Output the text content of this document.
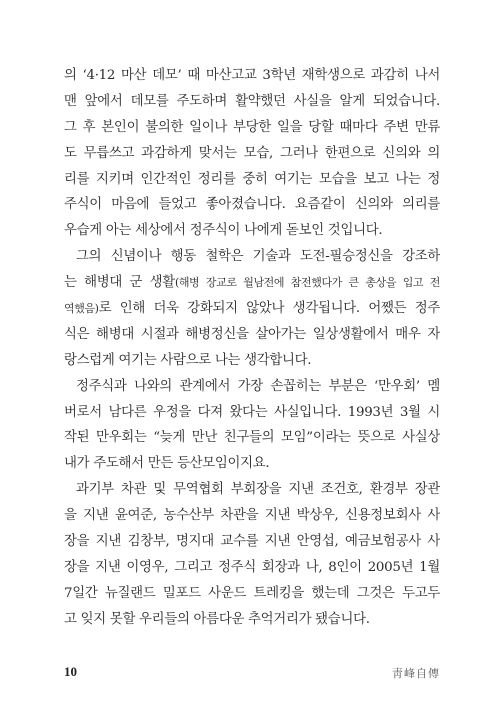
의 ‘4·12 마산 데모’ 때 마산고교 3학년 재학생으로 과감히 나서
맨 앞에서 데모를 주도하며 활약했던 사실을 알게 되었습니다.
그 후 본인이 불의한 일이나 부당한 일을 당할 때마다 주변 만류
도 무릅쓰고 과감하게 맞서는 모습, 그러나 한편으로 신의와 의
리를 지키며 인간적인 정리를 중히 여기는 모습을 보고 나는 정
주식이 마음에 들었고 좋아졌습니다. 요즘같이 신의와 의리를
우습게 아는 세상에서 정주식이 나에게 돋보인 것입니다.
그의 신념이나 행동 철학은 기술과 도전-필승정신을 강조하
는 해병대 군 생활(해병 장교로 월남전에 참전했다가 큰 총상을 입고 전
역했음)로 인해 더욱 강화되지 않았나 생각됩니다. 어쨌든 정주
식은 해병대 시절과 해병정신을 살아가는 일상생활에서 매우 자
랑스럽게 여기는 사람으로 나는 생각합니다.
정주식과 나와의 관계에서 가장 손꼽히는 부분은 ‘만우회’ 멤
버로서 남다른 우정을 다져 왔다는 사실입니다. 1993년 3월 시
작된 만우회는 “늦게 만난 친구들의 모임”이라는 뜻으로 사실상
내가 주도해서 만든 등산모임이지요.
과기부 차관 및 무역협회 부회장을 지낸 조건호, 환경부 장관
을 지낸 윤여준, 농수산부 차관을 지낸 박상우, 신용정보회사 사
장을 지낸 김창부, 명지대 교수를 지낸 안영섭, 예금보험공사 사
장을 지낸 이영우, 그리고 정주식 회장과 나, 8인이 2005년 1월
7일간 뉴질랜드 밀포드 사운드 트레킹을 했는데 그것은 두고두
고 잊지 못할 우리들의 아름다운 추억거리가 됐습니다.
10	靑峰自傳
